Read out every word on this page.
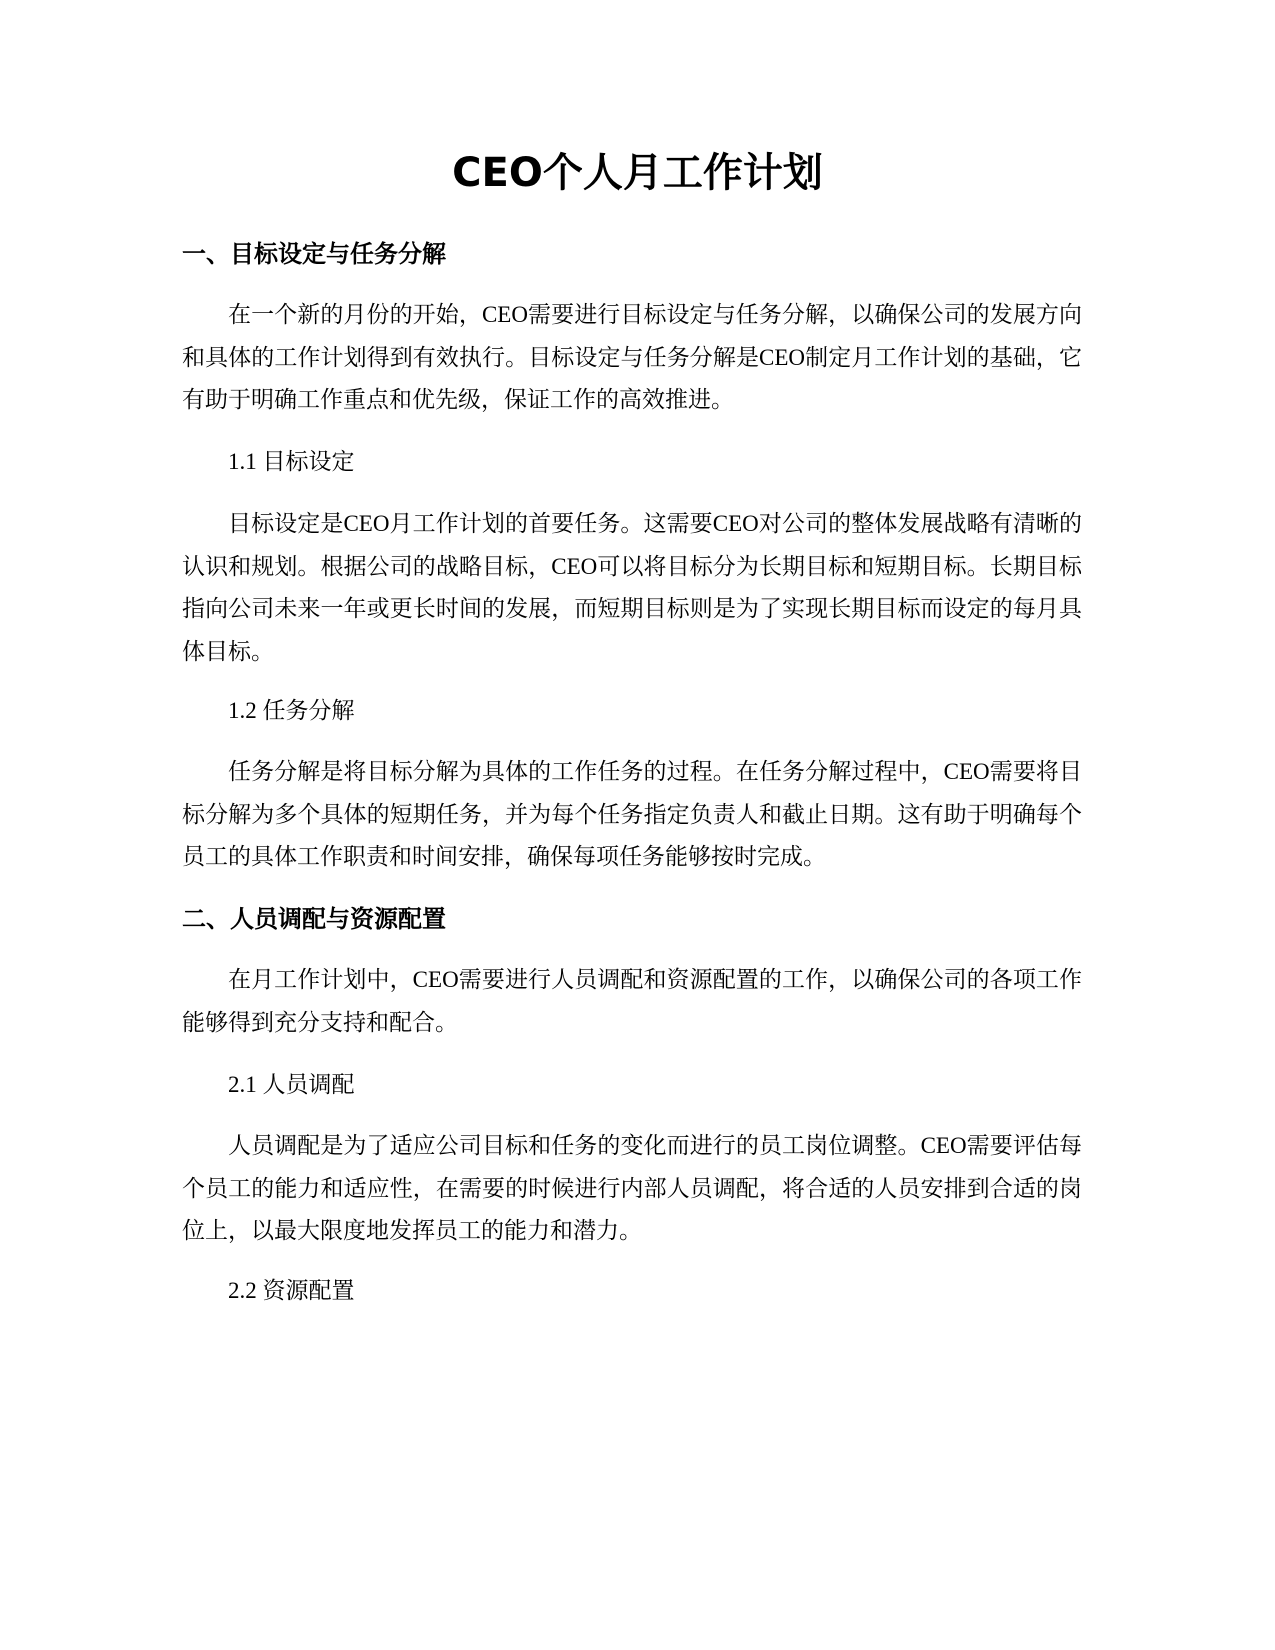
CEO个人月工作计划
一、目标设定与任务分解

在一个新的月份的开始，CEO需要进行目标设定与任务分解，以确保公司的发展方向和具体的工作计划得到有效执行。目标设定与任务分解是CEO制定月工作计划的基础，它有助于明确工作重点和优先级，保证工作的高效推进。

1.1 目标设定

目标设定是CEO月工作计划的首要任务。这需要CEO对公司的整体发展战略有清晰的认识和规划。根据公司的战略目标，CEO可以将目标分为长期目标和短期目标。长期目标指向公司未来一年或更长时间的发展，而短期目标则是为了实现长期目标而设定的每月具体目标。

1.2 任务分解

任务分解是将目标分解为具体的工作任务的过程。在任务分解过程中，CEO需要将目标分解为多个具体的短期任务，并为每个任务指定负责人和截止日期。这有助于明确每个员工的具体工作职责和时间安排，确保每项任务能够按时完成。

二、人员调配与资源配置

在月工作计划中，CEO需要进行人员调配和资源配置的工作，以确保公司的各项工作能够得到充分支持和配合。

2.1 人员调配

人员调配是为了适应公司目标和任务的变化而进行的员工岗位调整。CEO需要评估每个员工的能力和适应性，在需要的时候进行内部人员调配，将合适的人员安排到合适的岗位上，以最大限度地发挥员工的能力和潜力。

2.2 资源配置
